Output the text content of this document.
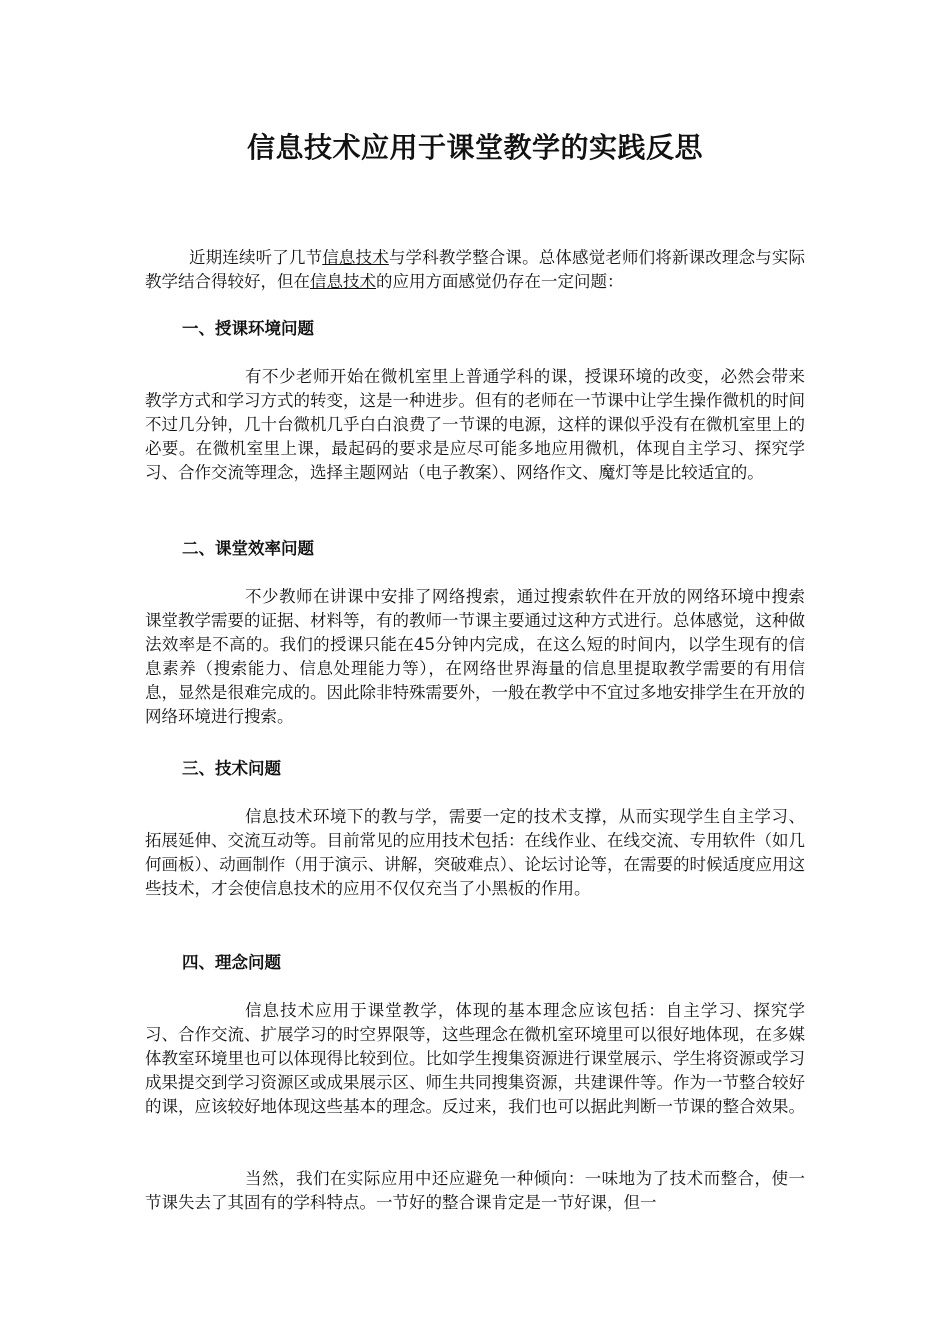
信息技术应用于课堂教学的实践反思
近期连续听了几节信息技术与学科教学整合课。总体感觉老师们将新课改理念与实际教学结合得较好，但在信息技术的应用方面感觉仍存在一定问题：
一、授课环境问题
有不少老师开始在微机室里上普通学科的课，授课环境的改变，必然会带来教学方式和学习方式的转变，这是一种进步。但有的老师在一节课中让学生操作微机的时间不过几分钟，几十台微机几乎白白浪费了一节课的电源，这样的课似乎没有在微机室里上的必要。在微机室里上课，最起码的要求是应尽可能多地应用微机，体现自主学习、探究学习、合作交流等理念，选择主题网站（电子教案）、网络作文、魔灯等是比较适宜的。
二、课堂效率问题
不少教师在讲课中安排了网络搜索，通过搜索软件在开放的网络环境中搜索课堂教学需要的证据、材料等，有的教师一节课主要通过这种方式进行。总体感觉，这种做法效率是不高的。我们的授课只能在45分钟内完成，在这么短的时间内，以学生现有的信息素养（搜索能力、信息处理能力等），在网络世界海量的信息里提取教学需要的有用信息，显然是很难完成的。因此除非特殊需要外，一般在教学中不宜过多地安排学生在开放的网络环境进行搜索。
三、技术问题
信息技术环境下的教与学，需要一定的技术支撑，从而实现学生自主学习、拓展延伸、交流互动等。目前常见的应用技术包括：在线作业、在线交流、专用软件（如几何画板）、动画制作（用于演示、讲解，突破难点）、论坛讨论等，在需要的时候适度应用这些技术，才会使信息技术的应用不仅仅充当了小黑板的作用。
四、理念问题
信息技术应用于课堂教学，体现的基本理念应该包括：自主学习、探究学习、合作交流、扩展学习的时空界限等，这些理念在微机室环境里可以很好地体现，在多媒体教室环境里也可以体现得比较到位。比如学生搜集资源进行课堂展示、学生将资源或学习成果提交到学习资源区或成果展示区、师生共同搜集资源，共建课件等。作为一节整合较好的课，应该较好地体现这些基本的理念。反过来，我们也可以据此判断一节课的整合效果。
当然，我们在实际应用中还应避免一种倾向：一味地为了技术而整合，使一节课失去了其固有的学科特点。一节好的整合课肯定是一节好课，但一
